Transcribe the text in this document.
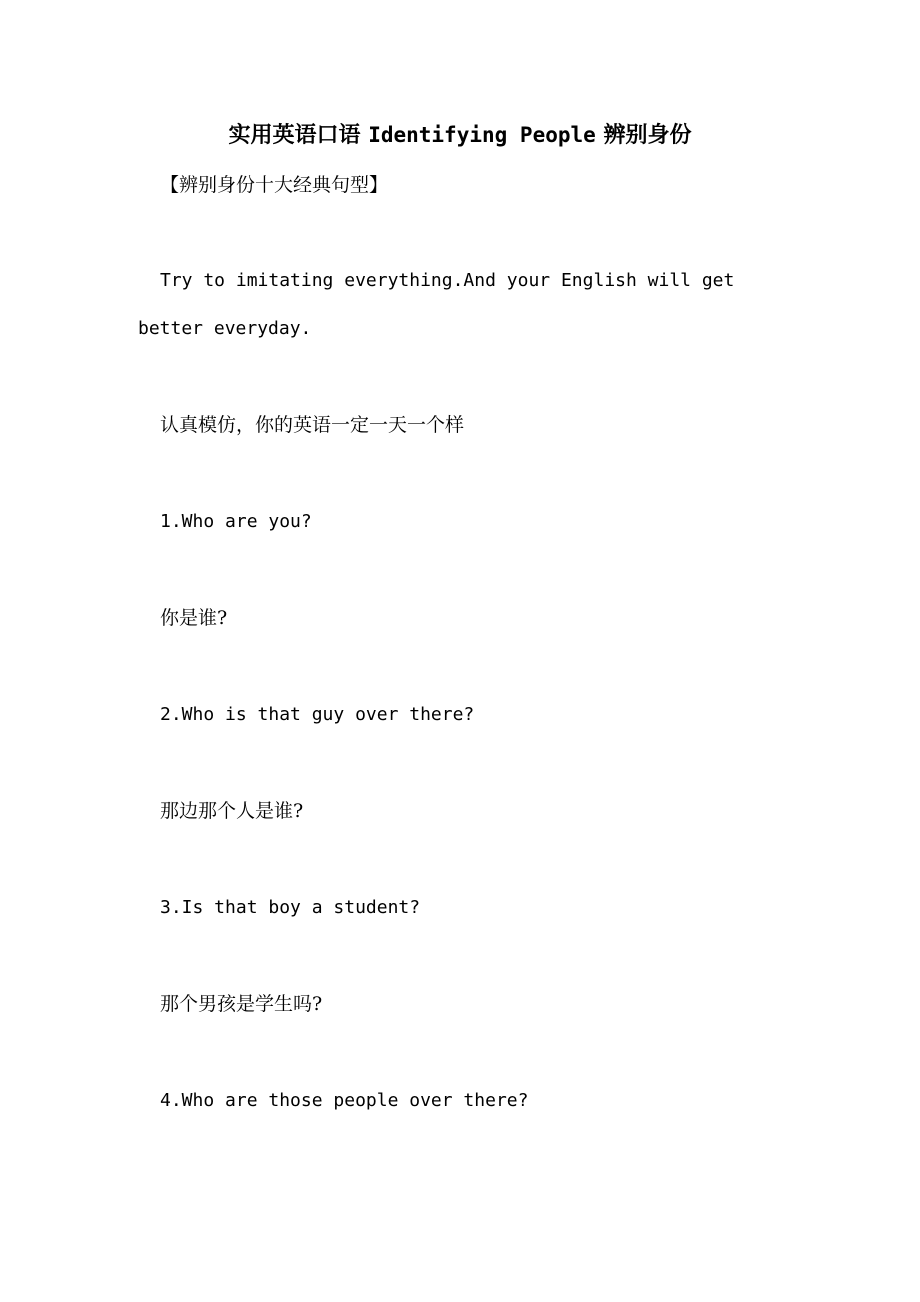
实用英语口语 Identifying People 辨别身份
【辨别身份十大经典句型】
Try to imitating everything.And your English will get
better everyday.
认真模仿，你的英语一定一天一个样
1.Who are you?
你是谁?
2.Who is that guy over there?
那边那个人是谁?
3.Is that boy a student?
那个男孩是学生吗?
4.Who are those people over there?
